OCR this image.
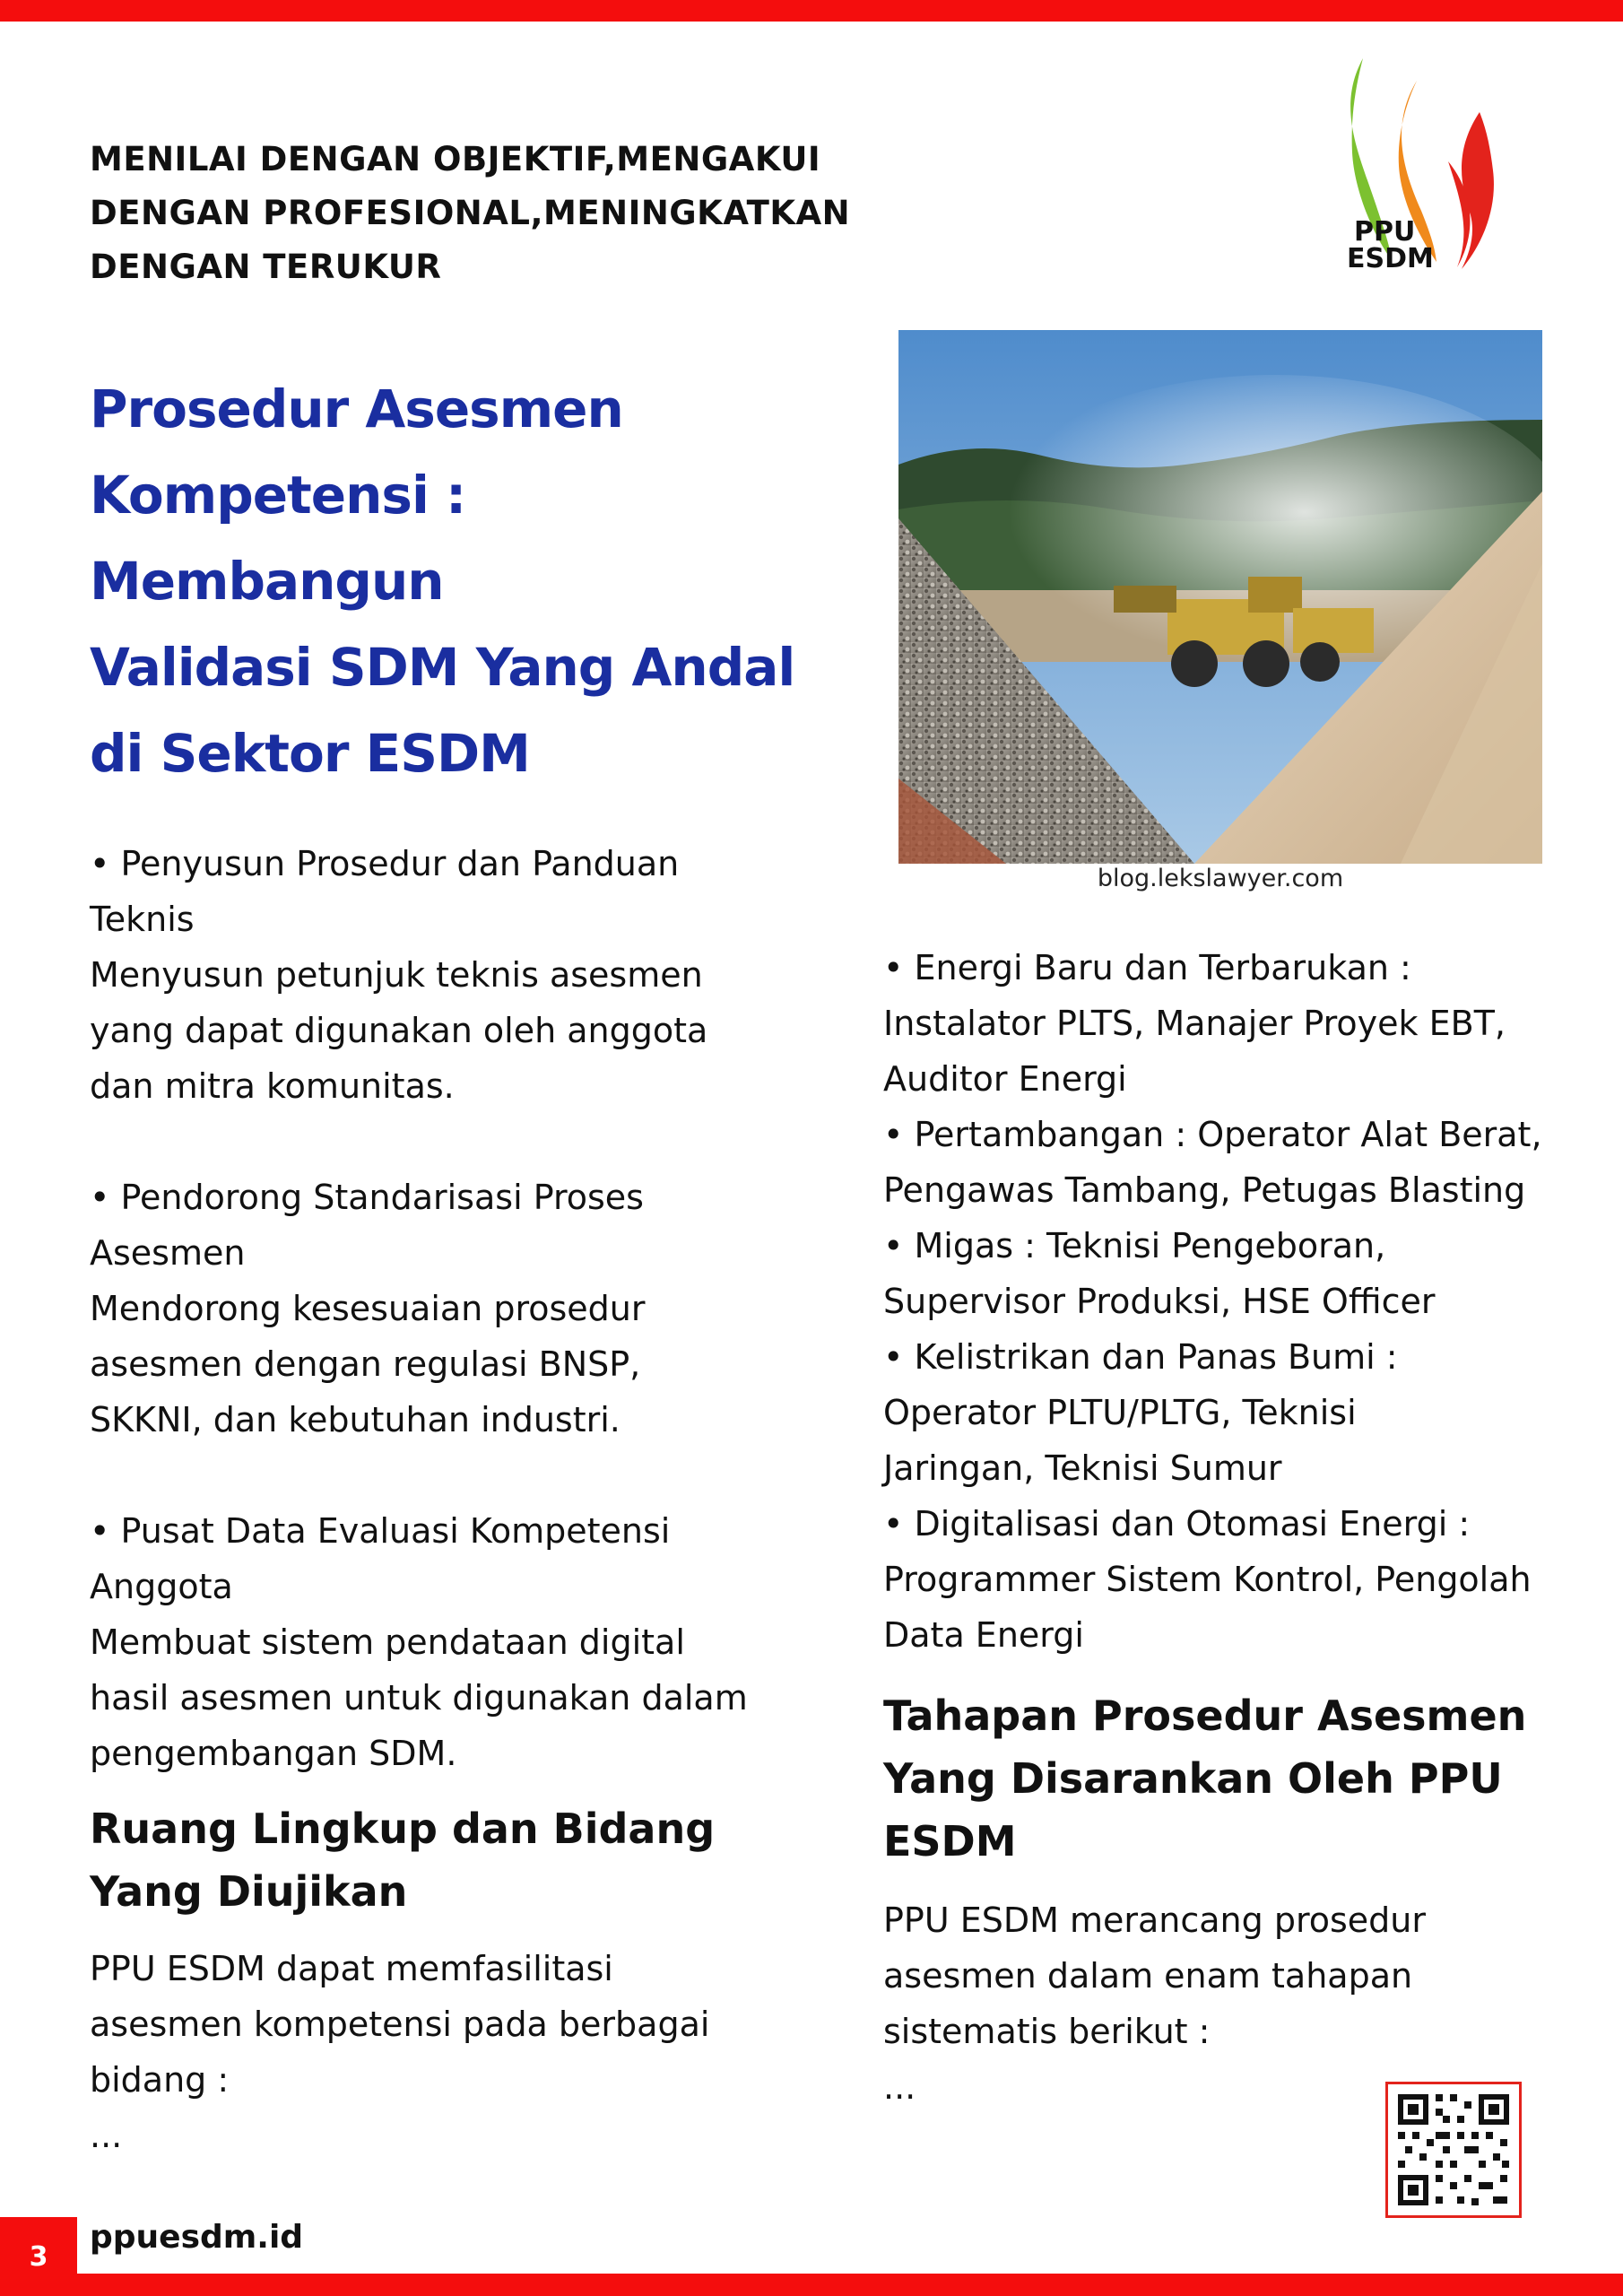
MENILAI DENGAN OBJEKTIF,MENGAKUI
DENGAN PROFESIONAL,MENINGKATKAN
DENGAN TERUKUR
PPU
ESDM
Prosedur Asesmen
Kompetensi : Membangun
Validasi SDM Yang Andal
di Sektor ESDM
blog.lekslawyer.com

• Penyusun Prosedur dan Panduan

Teknis

Menyusun petunjuk teknis asesmen

yang dapat digunakan oleh anggota

dan mitra komunitas.

• Pendorong Standarisasi Proses

Asesmen

Mendorong kesesuaian prosedur

asesmen dengan regulasi BNSP,

SKKNI, dan kebutuhan industri.

• Pusat Data Evaluasi Kompetensi

Anggota

Membuat sistem pendataan digital

hasil asesmen untuk digunakan dalam

pengembangan SDM.

Ruang Lingkup dan Bidang
Yang Diujikan

PPU ESDM dapat memfasilitasi

asesmen kompetensi pada berbagai

bidang :

...

• Energi Baru dan Terbarukan :

Instalator PLTS, Manajer Proyek EBT,

Auditor Energi

• Pertambangan : Operator Alat Berat,

Pengawas Tambang, Petugas Blasting

• Migas : Teknisi Pengeboran,

Supervisor Produksi, HSE Officer

• Kelistrikan dan Panas Bumi :

Operator PLTU/PLTG, Teknisi

Jaringan, Teknisi Sumur

• Digitalisasi dan Otomasi Energi :

Programmer Sistem Kontrol, Pengolah

Data Energi

Tahapan Prosedur Asesmen
Yang Disarankan Oleh PPU
ESDM

PPU ESDM merancang prosedur

asesmen dalam enam tahapan

sistematis berikut :

...

3
ppuesdm.id
